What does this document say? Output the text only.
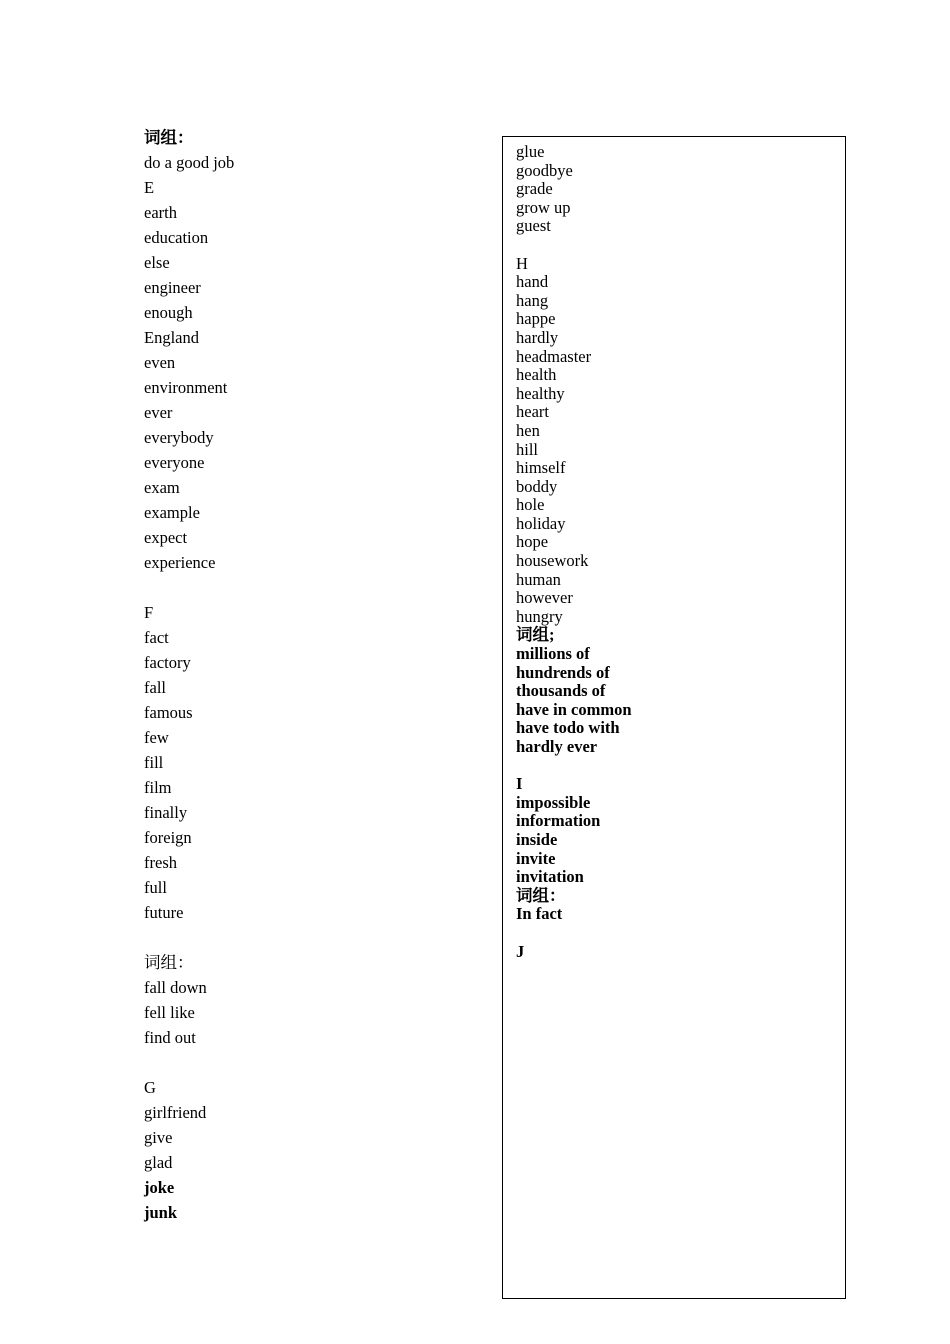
词组：
do a good job
E
earth
education
else
engineer
enough
England
even
environment
ever
everybody
everyone
exam
example
expect
experience
F
fact
factory
fall
famous
few
fill
film
finally
foreign
fresh
full
future
词组：
fall down
fell like
find out
G
girlfriend
give
glad
joke
junk
glue
goodbye
grade
grow up
guest
H
hand
hang
happe
hardly
headmaster
health
healthy
heart
hen
hill
himself
boddy
hole
holiday
hope
housework
human
however
hungry
词组;
millions of
hundrends of
thousands of
have in common
have todo with
hardly ever
I
impossible
information
inside
invite
invitation
词组：
In fact
J
